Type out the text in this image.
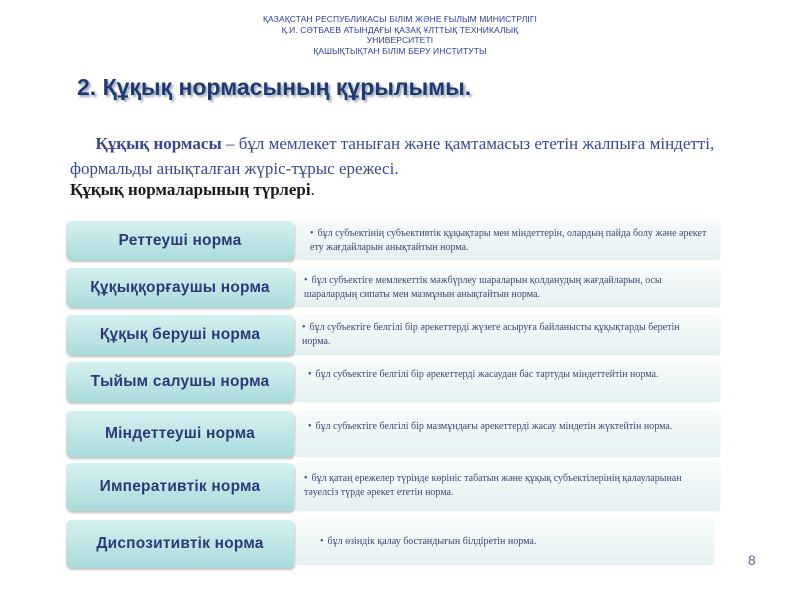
ҚАЗАҚСТАН РЕСПУБЛИКАСЫ БІЛІМ ЖӘНЕ ҒЫЛЫМ МИНИСТРЛІГІ
Қ.И. СӘТБАЕВ АТЫНДАҒЫ ҚАЗАҚ ҰЛТТЫҚ ТЕХНИКАЛЫҚ УНИВЕРСИТЕТІ
ҚАШЫҚТЫҚТАН БІЛІМ БЕРУ ИНСТИТУТЫ
2. Құқық нормасының құрылымы.
Құқық нормасы – бұл мемлекет таныған және қамтамасыз ететін жалпыға міндетті, формальды анықталған жүріс-тұрыс ережесі.
Құқық нормаларының түрлері.
Реттеуші норма	• бұл субъектінің субъективтік құқықтары мен міндеттерін, олардың пайда болу және әрекет ету жағдайларын анықтайтын норма.
Құқыққорғаушы норма	• бұл субъектіге мемлекеттік мәжбүрлеу шараларын қолданудың жағдайларын, осы шаралардың сипаты мен мазмұнын анықтайтын норма.
Құқық беруші норма	• бұл субъектіге белгілі бір әрекеттерді жүзеге асыруға байланысты құқықтарды беретін норма.
Тыйым салушы норма	• бұл субъектіге белгілі бір әрекеттерді жасаудан бас тартуды міндеттейтін норма.
Міндеттеуші норма	• бұл субъектіге белгілі бір мазмұндағы әрекеттерді жасау міндетін жүктейтін норма.
Императивтік норма	• бұл қатаң ережелер түрінде көрініс табатын және құқық субъектілерінің қалауларынан тәуелсіз түрде әрекет ететін норма.
Диспозитивтік норма	• бұл өзіндік қалау бостандығын білдіретін норма.
8
